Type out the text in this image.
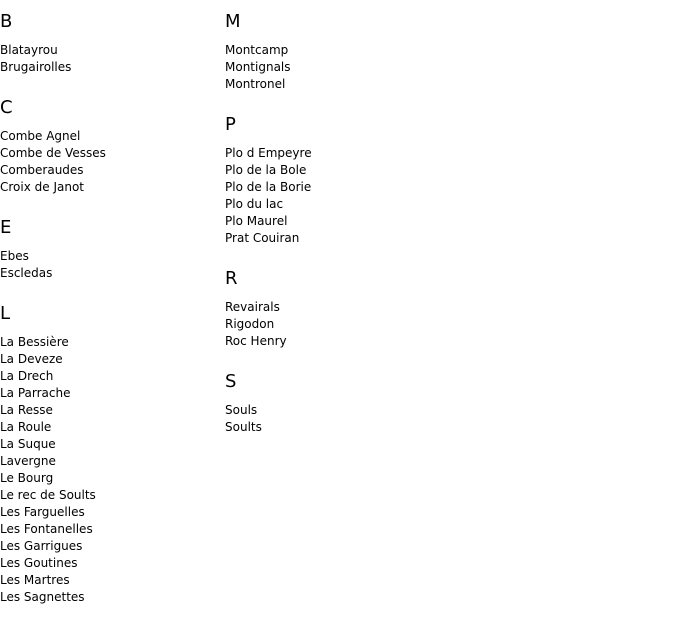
B
Blatayrou
Brugairolles
C
Combe Agnel
Combe de Vesses
Comberaudes
Croix de Janot
E
Ebes
Escledas
L
La Bessière
La Deveze
La Drech
La Parrache
La Resse
La Roule
La Suque
Lavergne
Le Bourg
Le rec de Soults
Les Farguelles
Les Fontanelles
Les Garrigues
Les Goutines
Les Martres
Les Sagnettes
M
Montcamp
Montignals
Montronel
P
Plo d Empeyre
Plo de la Bole
Plo de la Borie
Plo du lac
Plo Maurel
Prat Couiran
R
Revairals
Rigodon
Roc Henry
S
Souls
Soults
